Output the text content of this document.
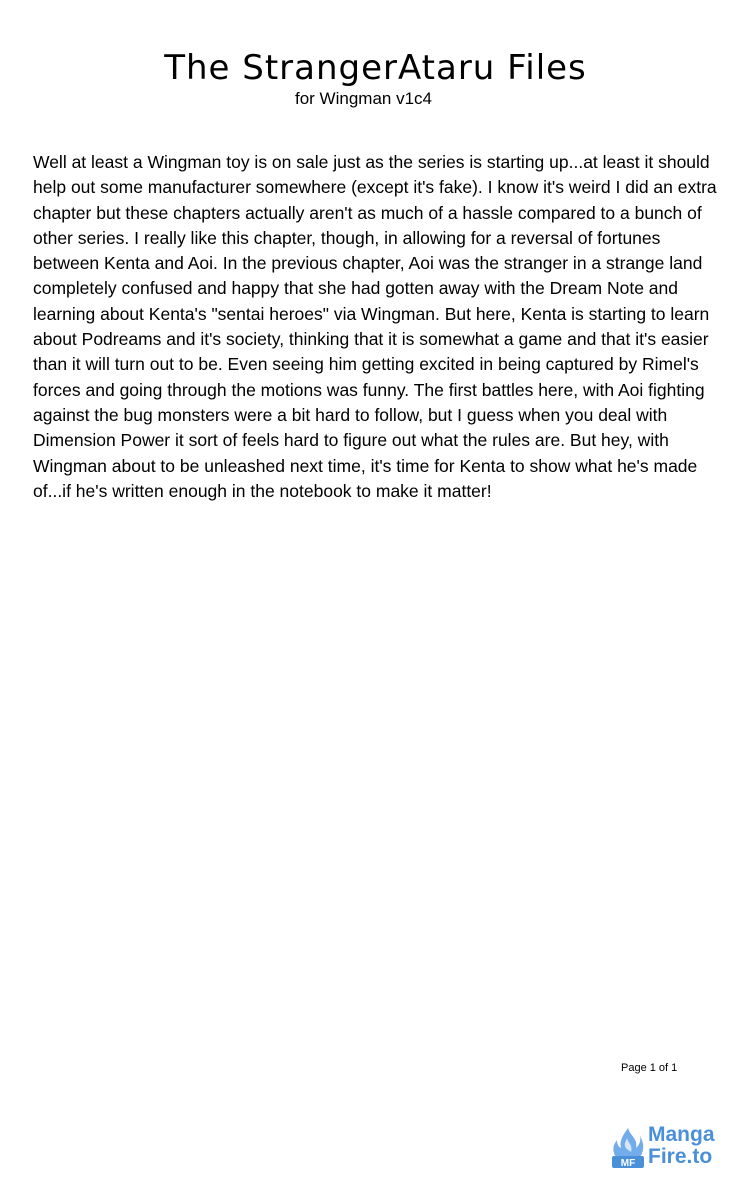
The StrangerAtaru Files
for Wingman v1c4

Well at least a Wingman toy is on sale just as the series is starting up...at least it should help out some manufacturer somewhere (except it's fake). I know it's weird I did an extra chapter but these chapters actually aren't as much of a hassle compared to a bunch of other series. I really like this chapter, though, in allowing for a reversal of fortunes between Kenta and Aoi. In the previous chapter, Aoi was the stranger in a strange land completely confused and happy that she had gotten away with the Dream Note and learning about Kenta's "sentai heroes" via Wingman. But here, Kenta is starting to learn about Podreams and it's society, thinking that it is somewhat a game and that it's easier than it will turn out to be. Even seeing him getting excited in being captured by Rimel's forces and going through the motions was funny. The first battles here, with Aoi fighting against the bug monsters were a bit hard to follow, but I guess when you deal with Dimension Power it sort of feels hard to figure out what the rules are. But hey, with Wingman about to be unleashed next time, it's time for Kenta to show what he's made of...if he's written enough in the notebook to make it matter!

Page 1 of 1
MF
Manga
Fire.to
